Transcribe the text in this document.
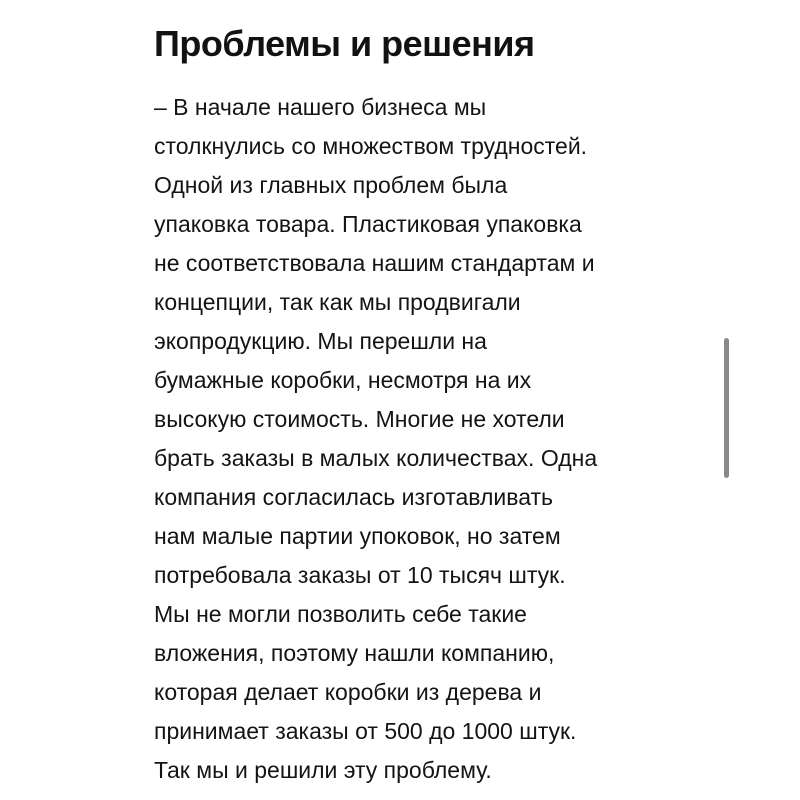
Проблемы и решения
– В начале нашего бизнеса мы
столкнулись со множеством трудностей.
Одной из главных проблем была
упаковка товара. Пластиковая упаковка
не соответствовала нашим стандартам и
концепции, так как мы продвигали
экопродукцию. Мы перешли на
бумажные коробки, несмотря на их
высокую стоимость. Многие не хотели
брать заказы в малых количествах. Одна
компания согласилась изготавливать
нам малые партии упоковок, но затем
потребовала заказы от 10 тысяч штук.
Мы не могли позволить себе такие
вложения, поэтому нашли компанию,
которая делает коробки из дерева и
принимает заказы от 500 до 1000 штук.
Так мы и решили эту проблему.
